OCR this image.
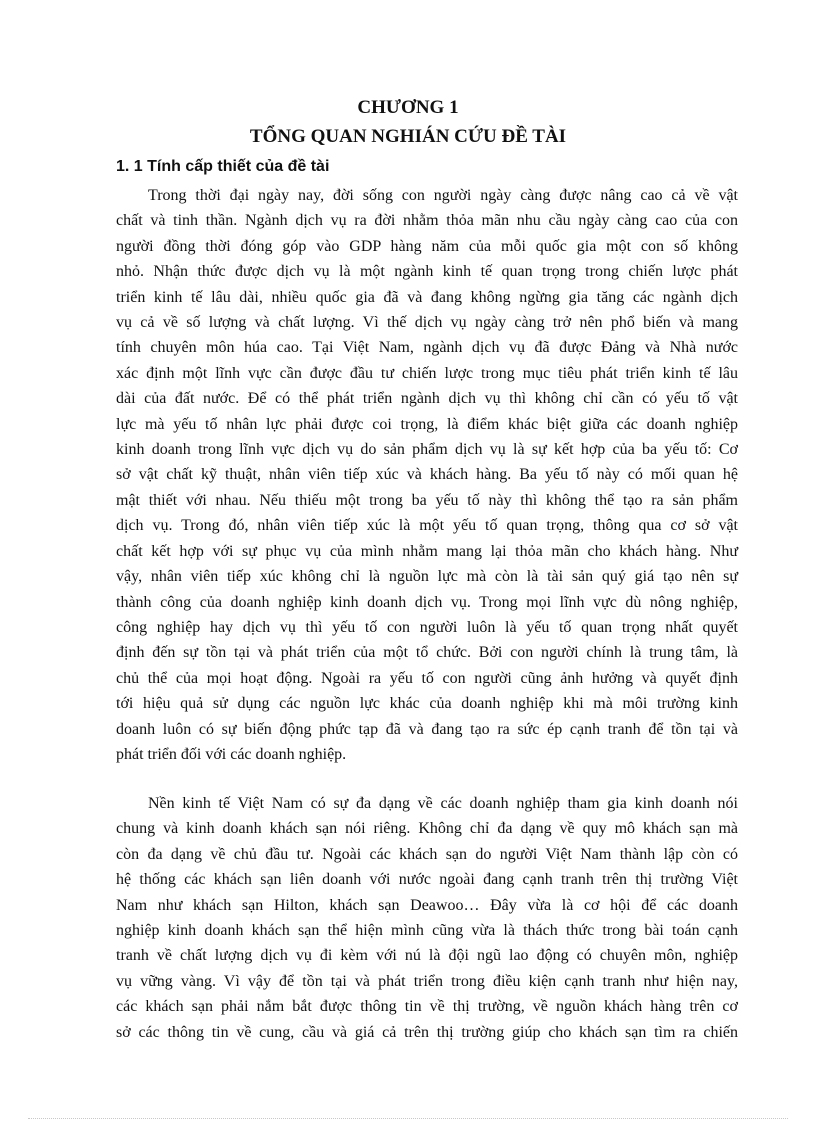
CHƯƠNG 1
TỔNG QUAN NGHIÁN CỨU ĐỀ TÀI
1. 1 Tính cấp thiết của đề tài
Trong thời đại ngày nay, đời sống con người ngày càng được nâng cao cả về vật
chất và tinh thần. Ngành dịch vụ ra đời nhằm thỏa mãn nhu cầu ngày càng cao của con
người đồng thời đóng góp vào GDP hàng năm của mỗi quốc gia một con số không
nhỏ. Nhận thức được dịch vụ là một ngành kinh tế quan trọng trong chiến lược phát
triển kinh tế lâu dài, nhiều quốc gia đã và đang không ngừng gia tăng các ngành dịch
vụ cả về số lượng và chất lượng. Vì thế dịch vụ ngày càng trở nên phổ biến và mang
tính chuyên môn húa cao. Tại Việt Nam, ngành dịch vụ đã được Đảng và Nhà nước
xác định một lĩnh vực cần được đầu tư chiến lược trong mục tiêu phát triển kinh tế lâu
dài của đất nước. Để có thể phát triển ngành dịch vụ thì không chỉ cần có yếu tố vật
lực mà yếu tố nhân lực phải được coi trọng, là điểm khác biệt giữa các doanh nghiệp
kinh doanh trong lĩnh vực dịch vụ do sản phẩm dịch vụ là sự kết hợp của ba yếu tố: Cơ
sở vật chất kỹ thuật, nhân viên tiếp xúc và khách hàng. Ba yếu tố này có mối quan hệ
mật thiết với nhau. Nếu thiếu một trong ba yếu tố này thì không thể tạo ra sản phẩm
dịch vụ. Trong đó, nhân viên tiếp xúc là một yếu tố quan trọng, thông qua cơ sở vật
chất kết hợp với sự phục vụ của mình nhằm mang lại thỏa mãn cho khách hàng. Như
vậy, nhân viên tiếp xúc không chỉ là nguồn lực mà còn là tài sản quý giá tạo nên sự
thành công của doanh nghiệp kinh doanh dịch vụ. Trong mọi lĩnh vực dù nông nghiệp,
công nghiệp hay dịch vụ thì yếu tố con người luôn là yếu tố quan trọng nhất quyết
định đến sự tồn tại và phát triển của một tổ chức. Bởi con người chính là trung tâm, là
chủ thể của mọi hoạt động. Ngoài ra yếu tố con người cũng ảnh hưởng và quyết định
tới hiệu quả sử dụng các nguồn lực khác của doanh nghiệp khi mà môi trường kinh
doanh luôn có sự biến động phức tạp đã và đang tạo ra sức ép cạnh tranh để tồn tại và
phát triển đối với các doanh nghiệp.
Nền kinh tế Việt Nam có sự đa dạng về các doanh nghiệp tham gia kinh doanh nói
chung và kinh doanh khách sạn nói riêng. Không chỉ đa dạng về quy mô khách sạn mà
còn đa dạng về chủ đầu tư. Ngoài các khách sạn do người Việt Nam thành lập còn có
hệ thống các khách sạn liên doanh với nước ngoài đang cạnh tranh trên thị trường Việt
Nam như khách sạn Hilton, khách sạn Deawoo… Đây vừa là cơ hội để các doanh
nghiệp kinh doanh khách sạn thể hiện mình cũng vừa là thách thức trong bài toán cạnh
tranh về chất lượng dịch vụ đi kèm với nú là đội ngũ lao động có chuyên môn, nghiệp
vụ vững vàng. Vì vậy để tồn tại và phát triển trong điều kiện cạnh tranh như hiện nay,
các khách sạn phải nắm bắt được thông tin về thị trường, về nguồn khách hàng trên cơ
sở các thông tin về cung, cầu và giá cả trên thị trường giúp cho khách sạn tìm ra chiến
